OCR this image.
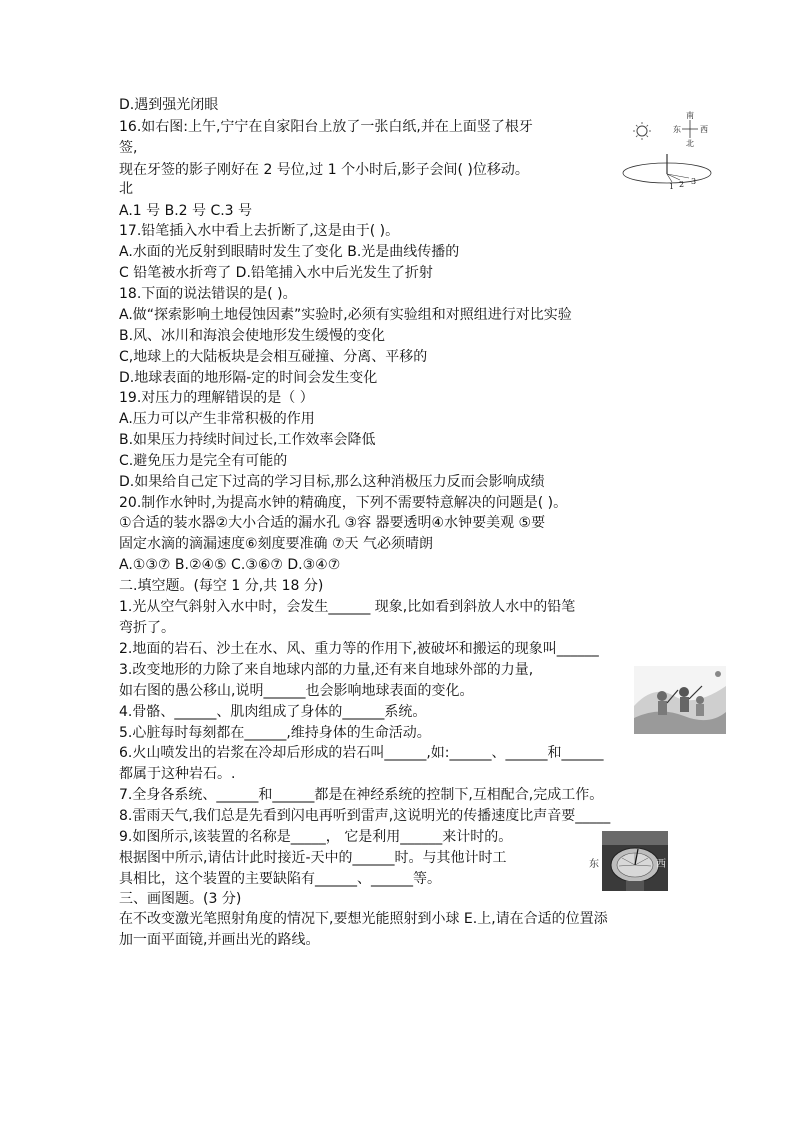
D.遇到强光闭眼
16.如右图:上午,宁宁在自家阳台上放了一张白纸,并在上面竖了根牙
签,
现在牙签的影子刚好在 2 号位,过 1 个小时后,影子会间( )位移动。
北
A.1 号 B.2 号 C.3 号
17.铅笔插入水中看上去折断了,这是由于( )。
A.水面的光反射到眼睛时发生了变化 B.光是曲线传播的
C 铅笔被水折弯了 D.铅笔捕入水中后光发生了折射
18.下面的说法错误的是( )。
A.做“探索影响土地侵蚀因素”实验时,必须有实验组和对照组进行对比实验
B.风、冰川和海浪会使地形发生缓慢的变化
C,地球上的大陆板块是会相互碰撞、分离、平移的
D.地球表面的地形隔-定的时间会发生变化
19.对压力的理解错误的是（ ）
A.压力可以产生非常积极的作用
B.如果压力持续时间过长,工作效率会降低
C.避免压力是完全有可能的
D.如果给自己定下过高的学习目标,那么这种消极压力反而会影响成绩
20.制作水钟时,为提高水钟的精确度，下列不需要特意解决的问题是( )。
①合适的装水器②大小合适的漏水孔 ③容 器要透明④水钟要美观 ⑤要
固定水滴的滴漏速度⑥刻度要准确 ⑦天 气必须晴朗
A.①③⑦ B.②④⑤ C.③⑥⑦ D.③④⑦
二.填空题。(每空 1 分,共 18 分)
1.光从空气斜射入水中时，会发生______ 现象,比如看到斜放人水中的铅笔
弯折了。
2.地面的岩石、沙土在水、风、重力等的作用下,被破坏和搬运的现象叫______
3.改变地形的力除了来自地球内部的力量,还有来自地球外部的力量,
如右图的愚公移山,说明______也会影响地球表面的变化。
4.骨骼、______、肌肉组成了身体的______系统。
5.心脏每时每刻都在______,维持身体的生命活动。
6.火山喷发出的岩浆在冷却后形成的岩石叫______,如:______、______和______
都属于这种岩石。.
7.全身各系统、______和______都是在神经系统的控制下,互相配合,完成工作。
8.雷雨天气,我们总是先看到闪电再听到雷声,这说明光的传播速度比声音要_____
9.如图所示,该装置的名称是_____， 它是利用______来计时的。
根据图中所示,请估计此时接近-天中的______时。与其他计时工
具相比，这个装置的主要缺陷有______、______等。
三、画图题。(3 分)
在不改变激光笔照射角度的情况下,要想光能照射到小球 E.上,请在合适的位置添
加一面平面镜,并画出光的路线。
南
北
东 西
1 2 3
东	西
